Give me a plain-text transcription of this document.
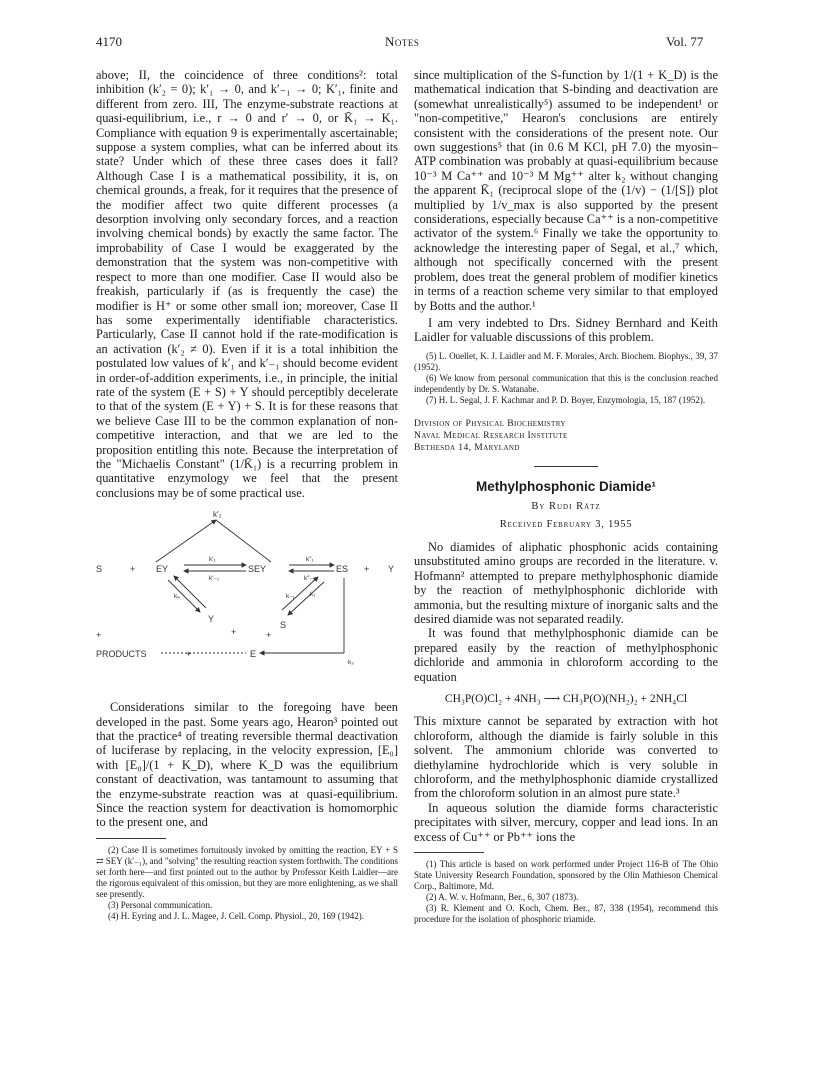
4170	Notes	Vol. 77

above; II, the coincidence of three conditions²: total inhibition (k′₂ = 0); k′₁ → 0, and k′₋₁ → 0; K′₁, finite and different from zero. III, The enzyme-substrate reactions at quasi-equilibrium, i.e., r → 0 and r′ → 0, or K̄₁ → K₁. Compliance with equation 9 is experimentally ascertainable; suppose a system complies, what can be inferred about its state? Under which of these three cases does it fall? Although Case I is a mathematical possibility, it is, on chemical grounds, a freak, for it requires that the presence of the modifier affect two quite different processes (a desorption involving only secondary forces, and a reaction involving chemical bonds) by exactly the same factor. The improbability of Case I would be exaggerated by the demonstration that the system was non-competitive with respect to more than one modifier. Case II would also be freakish, particularly if (as is frequently the case) the modifier is H⁺ or some other small ion; moreover, Case II has some experimentally identifiable characteristics. Particularly, Case II cannot hold if the rate-modification is an activation (k′₂ ≠ 0). Even if it is a total inhibition the postulated low values of k′₁ and k′₋₁ should become evident in order-of-addition experiments, i.e., in principle, the initial rate of the system (E + S) + Y should perceptibly decelerate to that of the system (E + Y) + S. It is for these reasons that we believe Case III to be the common explanation of non-competitive interaction, and that we are led to the proposition entitling this note. Because the interpretation of the "Michaelis Constant" (1/K̄₁) is a recurring problem in quantitative enzymology we feel that the present conclusions may be of some practical use.

k′₂
S	+ EY	SEY	ES + Y
Y
S
+	+
+
PRODUCTS	+	E
k′₁
k′₋₁
k″₁
k″₋₁
kₐ	k₁
k₋₁
k₂

Considerations similar to the foregoing have been developed in the past. Some years ago, Hearon³ pointed out that the practice⁴ of treating reversible thermal deactivation of luciferase by replacing, in the velocity expression, [E₀] with [E₀]/(1 + K_D), where K_D was the equilibrium constant of deactivation, was tantamount to assuming that the enzyme-substrate reaction was at quasi-equilibrium. Since the reaction system for deactivation is homomorphic to the present one, and

(2) Case II is sometimes fortuitously invoked by omitting the reaction, EY + S ⇄ SEY (k′₋₁), and "solving" the resulting reaction system forthwith. The conditions set forth here—and first pointed out to the author by Professor Keith Laidler—are the rigorous equivalent of this omission, but they are more enlightening, as we shall see presently.

(3) Personal communication.

(4) H. Eyring and J. L. Magee, J. Cell. Comp. Physiol., 20, 169 (1942).

since multiplication of the S-function by 1/(1 + K_D) is the mathematical indication that S-binding and deactivation are (somewhat unrealistically⁵) assumed to be independent¹ or "non-competitive," Hearon's conclusions are entirely consistent with the considerations of the present note. Our own suggestions⁵ that (in 0.6 M KCl, pH 7.0) the myosin–ATP combination was probably at quasi-equilibrium because 10⁻³ M Ca⁺⁺ and 10⁻³ M Mg⁺⁺ alter k₂ without changing the apparent K̄₁ (reciprocal slope of the (1/v) − (1/[S]) plot multiplied by 1/v_max is also supported by the present considerations, especially because Ca⁺⁺ is a non-competitive activator of the system.⁶ Finally we take the opportunity to acknowledge the interesting paper of Segal, et al.,⁷ which, although not specifically concerned with the present problem, does treat the general problem of modifier kinetics in terms of a reaction scheme very similar to that employed by Botts and the author.¹

I am very indebted to Drs. Sidney Bernhard and Keith Laidler for valuable discussions of this problem.

(5) L. Ouellet, K. J. Laidler and M. F. Morales, Arch. Biochem. Biophys., 39, 37 (1952).

(6) We know from personal communication that this is the conclusion reached independently by Dr. S. Watanabe.

(7) H. L. Segal, J. F. Kachmar and P. D. Boyer, Enzymologia, 15, 187 (1952).

Division of Physical Biochemistry
Naval Medical Research Institute
Bethesda 14, Maryland

Methylphosphonic Diamide¹
By Rudi Rätz
Received February 3, 1955

No diamides of aliphatic phosphonic acids containing unsubstituted amino groups are recorded in the literature. v. Hofmann² attempted to prepare methylphosphonic diamide by the reaction of methylphosphonic dichloride with ammonia, but the resulting mixture of inorganic salts and the desired diamide was not separated readily.

It was found that methylphosphonic diamide can be prepared easily by the reaction of methylphosphonic dichloride and ammonia in chloroform according to the equation

CH₃P(O)Cl₂ + 4NH₃ ⟶ CH₃P(O)(NH₂)₂ + 2NH₄Cl

This mixture cannot be separated by extraction with hot chloroform, although the diamide is fairly soluble in this solvent. The ammonium chloride was converted to diethylamine hydrochloride which is very soluble in chloroform, and the methylphosphonic diamide crystallized from the chloroform solution in an almost pure state.³

In aqueous solution the diamide forms characteristic precipitates with silver, mercury, copper and lead ions. In an excess of Cu⁺⁺ or Pb⁺⁺ ions the

(1) This article is based on work performed under Project 116-B of The Ohio State University Research Foundation, sponsored by the Olin Mathieson Chemical Corp., Baltimore, Md.

(2) A. W. v. Hofmann, Ber., 6, 307 (1873).

(3) R. Klement and O. Koch, Chem. Ber., 87, 338 (1954), recommend this procedure for the isolation of phosphoric triamide.
